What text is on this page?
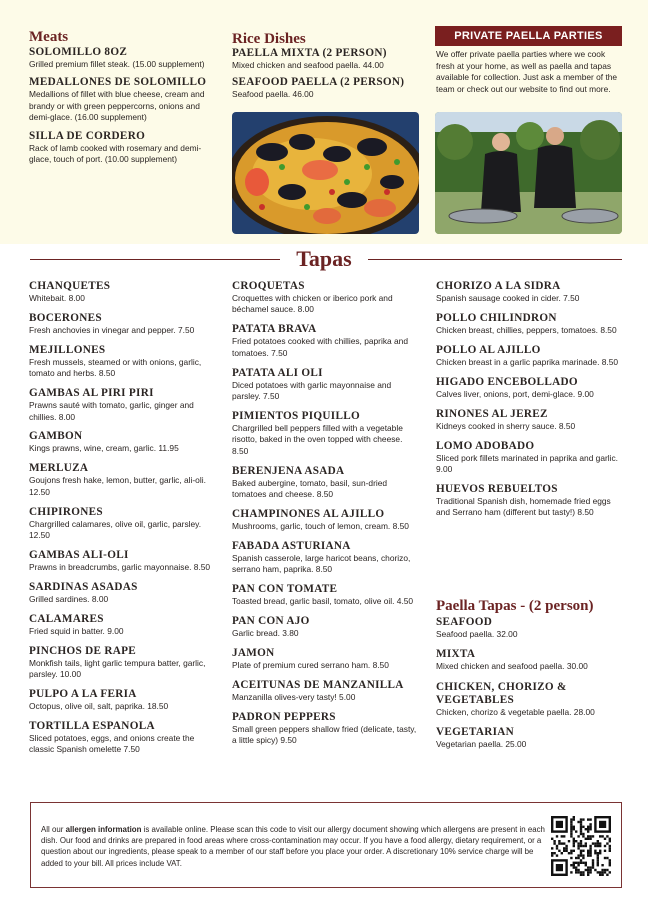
Meats
SOLOMILLO 8OZ
Grilled premium fillet steak. (15.00 supplement)
MEDALLONES DE SOLOMILLO
Medallions of fillet with blue cheese, cream and brandy or with green peppercorns, onions and demi-glace. (16.00 supplement)
SILLA DE CORDERO
Rack of lamb cooked with rosemary and demi-glace, touch of port. (10.00 supplement)
Rice Dishes
PAELLA MIXTA (2 PERSON)
Mixed chicken and seafood paella. 44.00
SEAFOOD PAELLA (2 PERSON)
Seafood paella. 46.00
PRIVATE PAELLA PARTIES
We offer private paella parties where we cook fresh at your home, as well as paella and tapas available for collection. Just ask a member of the team or check out our website to find out more.
Tapas
CHANQUETES
Whitebait. 8.00
BOCERONES
Fresh anchovies in vinegar and pepper. 7.50
MEJILLONES
Fresh mussels, steamed or with onions, garlic, tomato and herbs. 8.50
GAMBAS AL PIRI PIRI
Prawns sauté with tomato, garlic, ginger and chillies. 8.00
GAMBON
Kings prawns, wine, cream, garlic. 11.95
MERLUZA
Goujons fresh hake, lemon, butter, garlic, ali-oli. 12.50
CHIPIRONES
Chargrilled calamares, olive oil, garlic, parsley. 12.50
GAMBAS ALI-OLI
Prawns in breadcrumbs, garlic mayonnaise. 8.50
SARDINAS ASADAS
Grilled sardines. 8.00
CALAMARES
Fried squid in batter. 9.00
PINCHOS DE RAPE
Monkfish tails, light garlic tempura batter, garlic, parsley. 10.00
PULPO A LA FERIA
Octopus, olive oil, salt, paprika. 18.50
TORTILLA ESPANOLA
Sliced potatoes, eggs, and onions create the classic Spanish omelette 7.50
CROQUETAS
Croquettes with chicken or iberico pork and béchamel sauce. 8.00
PATATA BRAVA
Fried potatoes cooked with chillies, paprika and tomatoes. 7.50
PATATA ALI OLI
Diced potatoes with garlic mayonnaise and parsley. 7.50
PIMIENTOS PIQUILLO
Chargrilled bell peppers filled with a vegetable risotto, baked in the oven topped with cheese. 8.50
BERENJENA ASADA
Baked aubergine, tomato, basil, sun-dried tomatoes and cheese. 8.50
CHAMPINONES AL AJILLO
Mushrooms, garlic, touch of lemon, cream. 8.50
FABADA ASTURIANA
Spanish casserole, large haricot beans, chorizo, serrano ham, paprika. 8.50
PAN CON TOMATE
Toasted bread, garlic basil, tomato, olive oil. 4.50
PAN CON AJO
Garlic bread. 3.80
JAMON
Plate of premium cured serrano ham. 8.50
ACEITUNAS DE MANZANILLA
Manzanilla olives-very tasty! 5.00
PADRON PEPPERS
Small green peppers shallow fried (delicate, tasty, a little spicy) 9.50
CHORIZO A LA SIDRA
Spanish sausage cooked in cider. 7.50
POLLO CHILINDRON
Chicken breast, chillies, peppers, tomatoes. 8.50
POLLO AL AJILLO
Chicken breast in a garlic paprika marinade. 8.50
HIGADO ENCEBOLLADO
Calves liver, onions, port, demi-glace. 9.00
RINONES AL JEREZ
Kidneys cooked in sherry sauce. 8.50
LOMO ADOBADO
Sliced pork fillets marinated in paprika and garlic. 9.00
HUEVOS REBUELTOS
Traditional Spanish dish, homemade fried eggs and Serrano ham (different but tasty!) 8.50
Paella Tapas - (2 person)
SEAFOOD
Seafood paella. 32.00
MIXTA
Mixed chicken and seafood paella. 30.00
CHICKEN, CHORIZO & VEGETABLES
Chicken, chorizo & vegetable paella. 28.00
VEGETARIAN
Vegetarian paella. 25.00
All our allergen information is available online. Please scan this code to visit our allergy document showing which allergens are present in each dish. Our food and drinks are prepared in food areas where cross-contamination may occur. If you have a food allergy, dietary requirement, or a question about our ingredients, please speak to a member of our staff before you place your order. A discretionary 10% service charge will be added to your bill. All prices include VAT.
